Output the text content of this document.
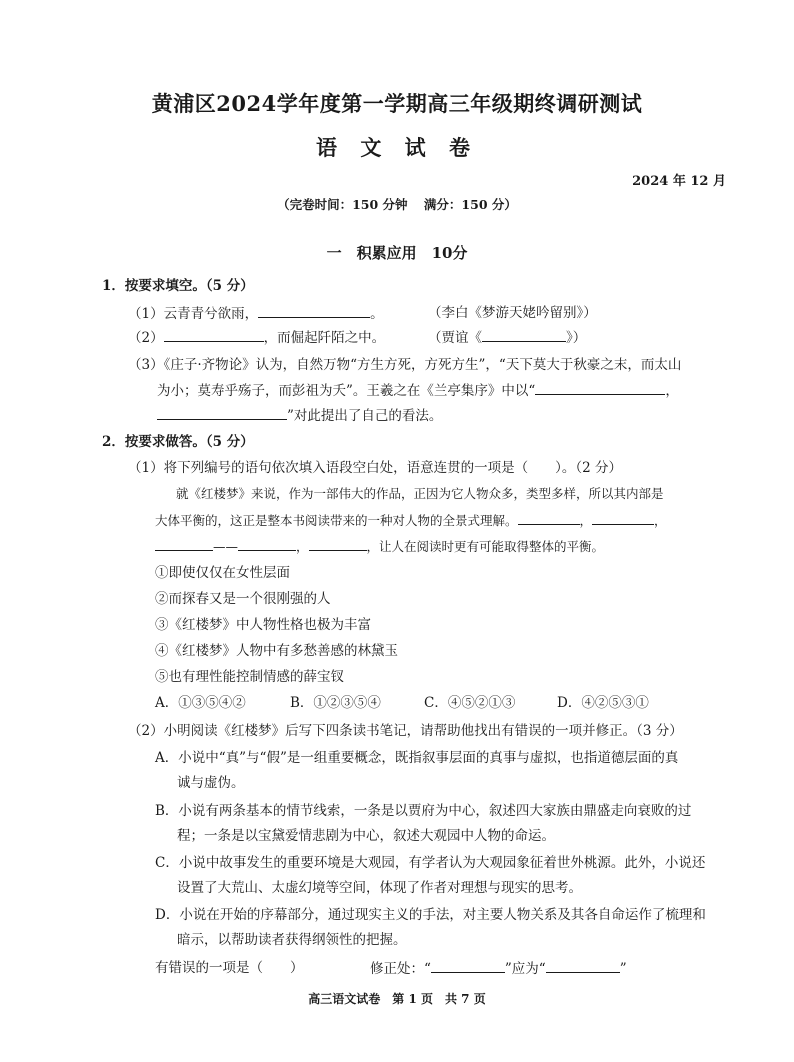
黄浦区2024学年度第一学期高三年级期终调研测试
语 文 试 卷
2024 年 12 月
（完卷时间：150 分钟 满分：150 分）
一　积累应用　10分
1．按要求填空。（5 分）
（1）云青青兮欲雨，	。	（李白《梦游天姥吟留别》）
（2）	，而倔起阡陌之中。	（贾谊《	》）
（3）《庄子·齐物论》认为，自然万物“方生方死，方死方生”，“天下莫大于秋豪之末，而太山
为小；莫寿乎殇子，而彭祖为夭”。王羲之在《兰亭集序》中以“	，
”对此提出了自己的看法。
2．按要求做答。（5 分）
（1）将下列编号的语句依次填入语段空白处，语意连贯的一项是（　　）。（2 分）
就《红楼梦》来说，作为一部伟大的作品，正因为它人物众多，类型多样，所以其内部是
大体平衡的，这正是整本书阅读带来的一种对人物的全景式理解。	，	，
——	，	，让人在阅读时更有可能取得整体的平衡。
①即使仅仅在女性层面
②而探春又是一个很刚强的人
③《红楼梦》中人物性格也极为丰富
④《红楼梦》人物中有多愁善感的林黛玉
⑤也有理性能控制情感的薛宝钗
A．①③⑤④②	B．①②③⑤④	C．④⑤②①③	D．④②⑤③①
（2）小明阅读《红楼梦》后写下四条读书笔记，请帮助他找出有错误的一项并修正。（3 分）
A．小说中“真”与“假”是一组重要概念，既指叙事层面的真事与虚拟，也指道德层面的真
诚与虚伪。
B．小说有两条基本的情节线索，一条是以贾府为中心，叙述四大家族由鼎盛走向衰败的过
程；一条是以宝黛爱情悲剧为中心，叙述大观园中人物的命运。
C．小说中故事发生的重要环境是大观园，有学者认为大观园象征着世外桃源。此外，小说还
设置了大荒山、太虚幻境等空间，体现了作者对理想与现实的思考。
D．小说在开始的序幕部分，通过现实主义的手法，对主要人物关系及其各自命运作了梳理和
暗示，以帮助读者获得纲领性的把握。
有错误的一项是（　　）	修正处：“	”应为“	”
高三语文试卷　第 1 页　共 7 页
